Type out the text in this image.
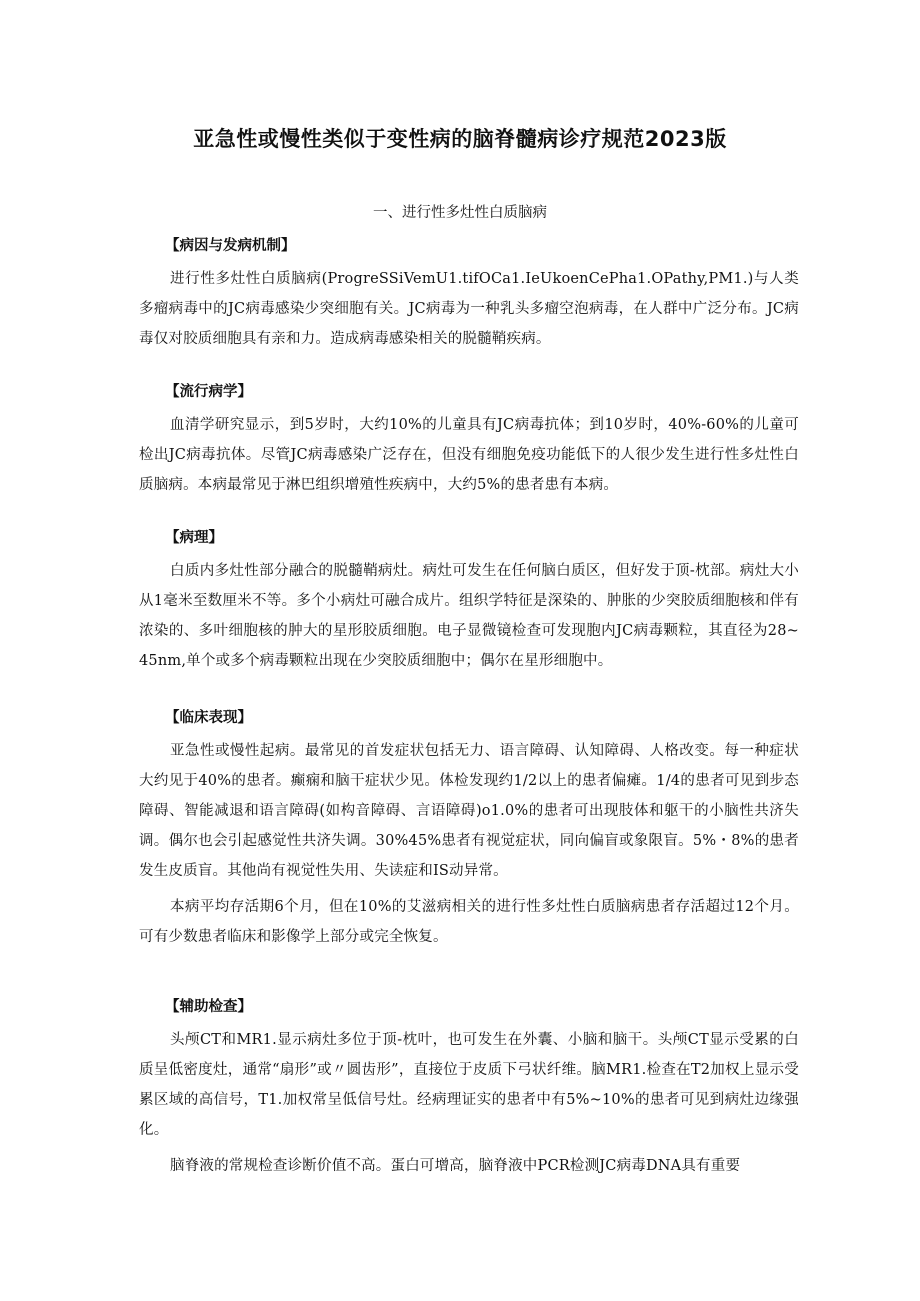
亚急性或慢性类似于变性病的脑脊髓病诊疗规范2023版
一、进行性多灶性白质脑病
【病因与发病机制】

进行性多灶性白质脑病(ProgreSSiVemU1.tifOCa1.IeUkoenCePha1.OPathy,PM1.)与人类多瘤病毒中的JC病毒感染少突细胞有关。JC病毒为一种乳头多瘤空泡病毒，在人群中广泛分布。JC病毒仅对胶质细胞具有亲和力。造成病毒感染相关的脱髓鞘疾病。

【流行病学】

血清学研究显示，到5岁时，大约10%的儿童具有JC病毒抗体；到10岁时，40%-60%的儿童可检出JC病毒抗体。尽管JC病毒感染广泛存在，但没有细胞免疫功能低下的人很少发生进行性多灶性白质脑病。本病最常见于淋巴组织增殖性疾病中，大约5%的患者患有本病。

【病理】

白质内多灶性部分融合的脱髓鞘病灶。病灶可发生在任何脑白质区，但好发于顶-枕部。病灶大小从1毫米至数厘米不等。多个小病灶可融合成片。组织学特征是深染的、肿胀的少突胶质细胞核和伴有浓染的、多叶细胞核的肿大的星形胶质细胞。电子显微镜检查可发现胞内JC病毒颗粒，其直径为28~45nm,单个或多个病毒颗粒出现在少突胶质细胞中；偶尔在星形细胞中。

【临床表现】

亚急性或慢性起病。最常见的首发症状包括无力、语言障碍、认知障碍、人格改变。每一种症状大约见于40%的患者。癫痫和脑干症状少见。体检发现约1/2以上的患者偏瘫。1/4的患者可见到步态障碍、智能减退和语言障碍(如构音障碍、言语障碍)o1.0%的患者可出现肢体和躯干的小脑性共济失调。偶尔也会引起感觉性共济失调。30%45%患者有视觉症状，同向偏盲或象限盲。5%・8%的患者发生皮质盲。其他尚有视觉性失用、失读症和IS动异常。

本病平均存活期6个月，但在10%的艾滋病相关的进行性多灶性白质脑病患者存活超过12个月。可有少数患者临床和影像学上部分或完全恢复。

【辅助检查】

头颅CT和MR1.显示病灶多位于顶-枕叶，也可发生在外囊、小脑和脑干。头颅CT显示受累的白质呈低密度灶，通常“扇形”或〃圆齿形”，直接位于皮质下弓状纤维。脑MR1.检查在T2加权上显示受累区域的高信号，T1.加权常呈低信号灶。经病理证实的患者中有5%~10%的患者可见到病灶边缘强化。

脑脊液的常规检查诊断价值不高。蛋白可增高，脑脊液中PCR检测JC病毒DNA具有重要
